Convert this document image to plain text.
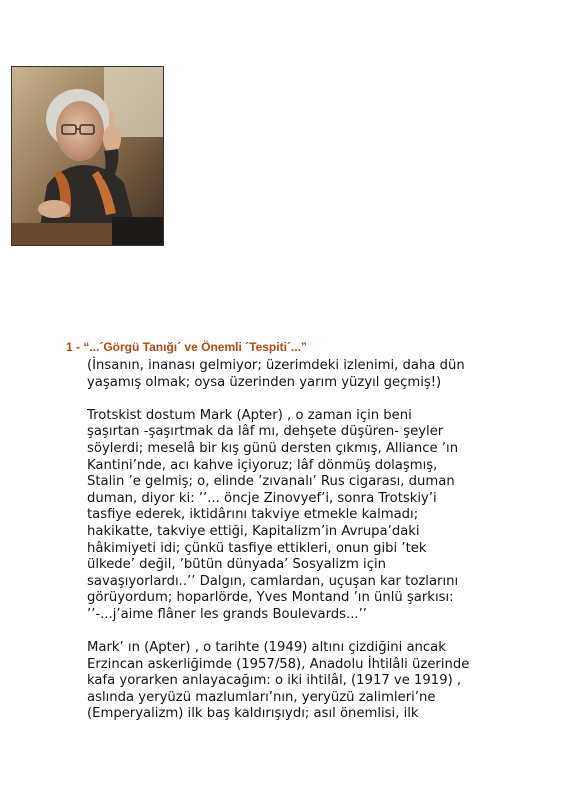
1 - “...´Görgü Tanığı´ ve Önemli ´Tespiti´...”

(İnsanın, inanası gelmiyor; üzerimdeki izlenimi, daha dün
yaşamış olmak; oysa üzerinden yarım yüzyıl geçmiş!)

Trotskist dostum Mark (Apter) , o zaman için beni
şaşırtan -şaşırtmak da lâf mı, dehşete düşüren- şeyler
söylerdi; meselâ bir kış günü dersten çıkmış, Alliance ’ın
Kantini’nde, acı kahve içiyoruz; lâf dönmüş dolaşmış,
Stalin ’e gelmiş; o, elinde ’zıvanalı’ Rus cigarası, duman
duman, diyor ki: ’’... öncje Zinovyef’i, sonra Trotskiy’i
tasfiye ederek, iktidârını takviye etmekle kalmadı;
hakikatte, takviye ettiği, Kapitalizm’in Avrupa’daki
hâkimiyeti idi; çünkü tasfiye ettikleri, onun gibi ’tek
ülkede’ değil, ’bütün dünyada’ Sosyalizm için
savaşıyorlardı..’’ Dalgın, camlardan, uçuşan kar tozlarını
görüyordum; hoparlörde, Yves Montand ’ın ünlü şarkısı:
’’-...j’aime flâner les grands Boulevards...’’

Mark’ ın (Apter) , o tarihte (1949) altını çizdiğini ancak
Erzincan askerliğimde (1957/58), Anadolu İhtilâli üzerinde
kafa yorarken anlayacağım: o iki ihtilâl, (1917 ve 1919) ,
aslında yeryüzü mazlumları’nın, yeryüzü zalimleri’ne
(Emperyalizm) ilk baş kaldırışıydı; asıl önemlisi, ilk
